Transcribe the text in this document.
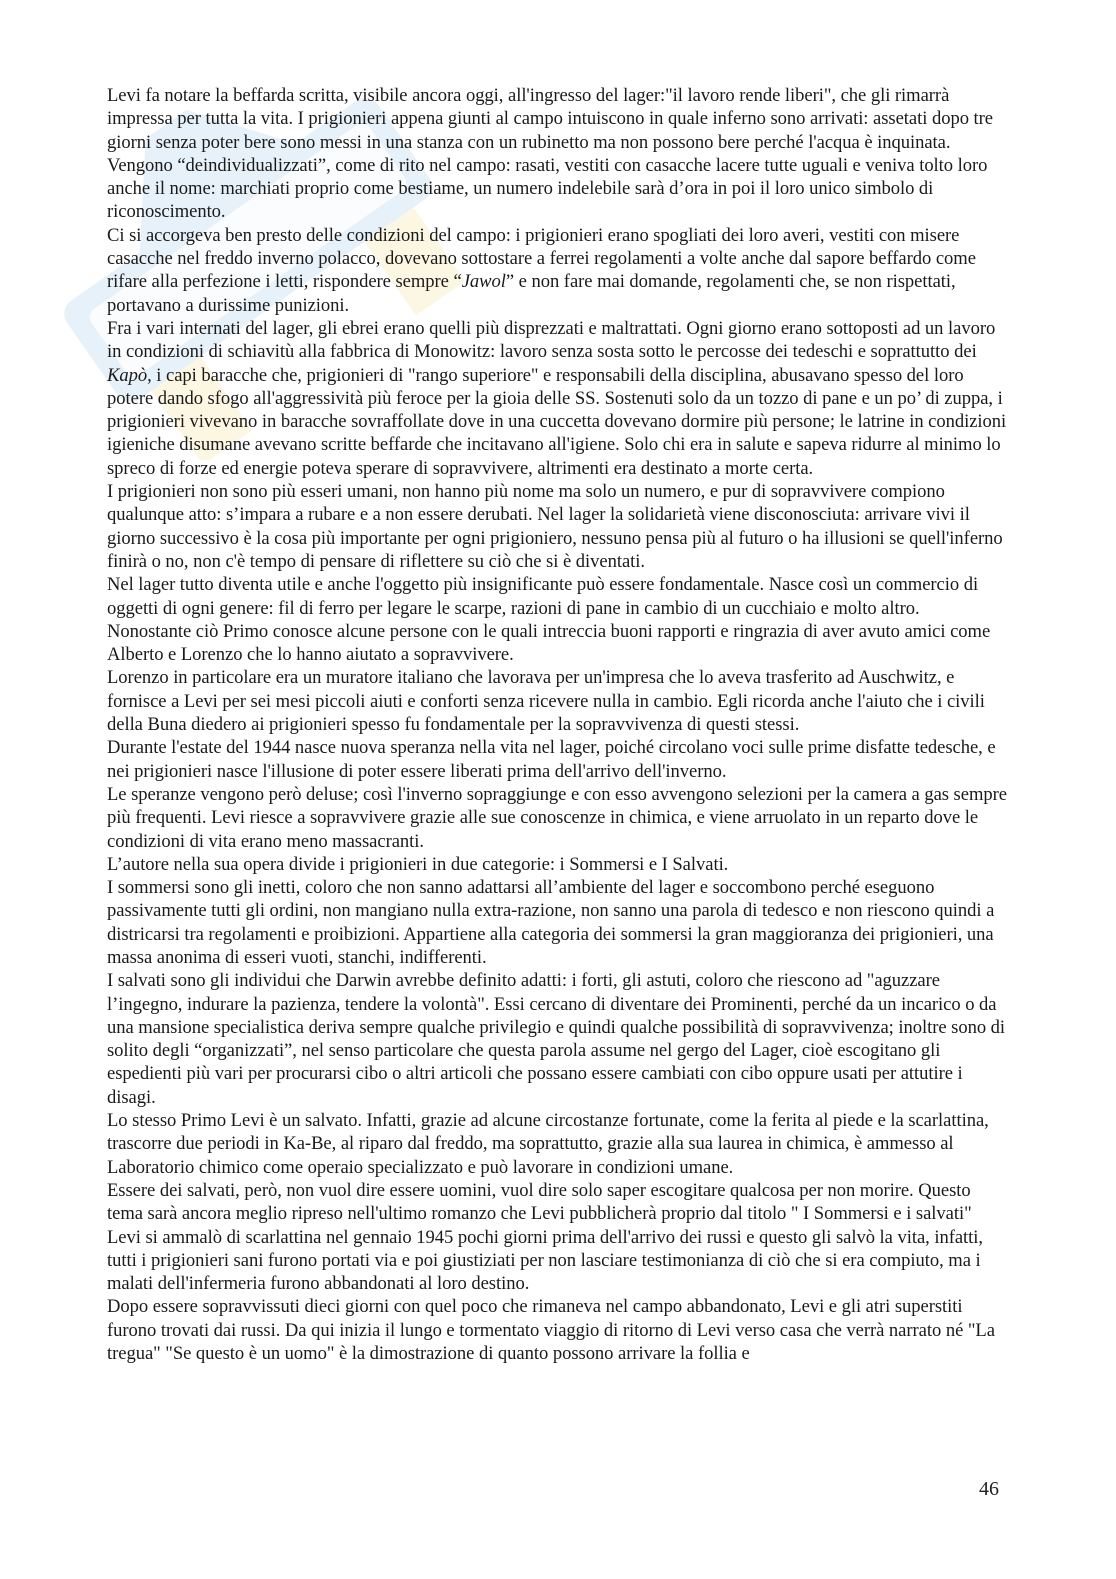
Levi fa notare la beffarda scritta, visibile ancora oggi, all'ingresso del lager:"il lavoro rende liberi", che gli rimarrà impressa per tutta la vita. I prigionieri appena giunti al campo intuiscono in quale inferno sono arrivati: assetati dopo tre giorni senza poter bere sono messi in una stanza con un rubinetto ma non possono bere perché l'acqua è inquinata. Vengono “deindividualizzati”, come di rito nel campo: rasati, vestiti con casacche lacere tutte uguali e veniva tolto loro anche il nome: marchiati proprio come bestiame, un numero indelebile sarà d’ora in poi il loro unico simbolo di riconoscimento.

Ci si accorgeva ben presto delle condizioni del campo: i prigionieri erano spogliati dei loro averi, vestiti con misere casacche nel freddo inverno polacco, dovevano sottostare a ferrei regolamenti a volte anche dal sapore beffardo come rifare alla perfezione i letti, rispondere sempre “Jawol” e non fare mai domande, regolamenti che, se non rispettati, portavano a durissime punizioni.

Fra i vari internati del lager, gli ebrei erano quelli più disprezzati e maltrattati. Ogni giorno erano sottoposti ad un lavoro in condizioni di schiavitù alla fabbrica di Monowitz: lavoro senza sosta sotto le percosse dei tedeschi e soprattutto dei Kapò, i capi baracche che, prigionieri di "rango superiore" e responsabili della disciplina, abusavano spesso del loro potere dando sfogo all'aggressività più feroce per la gioia delle SS. Sostenuti solo da un tozzo di pane e un po’ di zuppa, i prigionieri vivevano in baracche sovraffollate dove in una cuccetta dovevano dormire più persone; le latrine in condizioni igieniche disumane avevano scritte beffarde che incitavano all'igiene. Solo chi era in salute e sapeva ridurre al minimo lo spreco di forze ed energie poteva sperare di sopravvivere, altrimenti era destinato a morte certa.

I prigionieri non sono più esseri umani, non hanno più nome ma solo un numero, e pur di sopravvivere compiono qualunque atto: s’impara a rubare e a non essere derubati. Nel lager la solidarietà viene disconosciuta: arrivare vivi il giorno successivo è la cosa più importante per ogni prigioniero, nessuno pensa più al futuro o ha illusioni se quell'inferno finirà o no, non c'è tempo di pensare di riflettere su ciò che si è diventati.

Nel lager tutto diventa utile e anche l'oggetto più insignificante può essere fondamentale. Nasce così un commercio di oggetti di ogni genere: fil di ferro per legare le scarpe, razioni di pane in cambio di un cucchiaio e molto altro. Nonostante ciò Primo conosce alcune persone con le quali intreccia buoni rapporti e ringrazia di aver avuto amici come Alberto e Lorenzo che lo hanno aiutato a sopravvivere.

Lorenzo in particolare era un muratore italiano che lavorava per un'impresa che lo aveva trasferito ad Auschwitz, e fornisce a Levi per sei mesi piccoli aiuti e conforti senza ricevere nulla in cambio. Egli ricorda anche l'aiuto che i civili della Buna diedero ai prigionieri spesso fu fondamentale per la sopravvivenza di questi stessi.

Durante l'estate del 1944 nasce nuova speranza nella vita nel lager, poiché circolano voci sulle prime disfatte tedesche, e nei prigionieri nasce l'illusione di poter essere liberati prima dell'arrivo dell'inverno.

Le speranze vengono però deluse; così l'inverno sopraggiunge e con esso avvengono selezioni per la camera a gas sempre più frequenti. Levi riesce a sopravvivere grazie alle sue conoscenze in chimica, e viene arruolato in un reparto dove le condizioni di vita erano meno massacranti.

L’autore nella sua opera divide i prigionieri in due categorie: i Sommersi e I Salvati.

I sommersi sono gli inetti, coloro che non sanno adattarsi all’ambiente del lager e soccombono perché eseguono passivamente tutti gli ordini, non mangiano nulla extra-razione, non sanno una parola di tedesco e non riescono quindi a districarsi tra regolamenti e proibizioni. Appartiene alla categoria dei sommersi la gran maggioranza dei prigionieri, una massa anonima di esseri vuoti, stanchi, indifferenti.

I salvati sono gli individui che Darwin avrebbe definito adatti: i forti, gli astuti, coloro che riescono ad "aguzzare l’ingegno, indurare la pazienza, tendere la volontà". Essi cercano di diventare dei Prominenti, perché da un incarico o da una mansione specialistica deriva sempre qualche privilegio e quindi qualche possibilità di sopravvivenza; inoltre sono di solito degli “organizzati”, nel senso particolare che questa parola assume nel gergo del Lager, cioè escogitano gli espedienti più vari per procurarsi cibo o altri articoli che possano essere cambiati con cibo oppure usati per attutire i disagi.

Lo stesso Primo Levi è un salvato. Infatti, grazie ad alcune circostanze fortunate, come la ferita al piede e la scarlattina, trascorre due periodi in Ka-Be, al riparo dal freddo, ma soprattutto, grazie alla sua laurea in chimica, è ammesso al Laboratorio chimico come operaio specializzato e può lavorare in condizioni umane.

Essere dei salvati, però, non vuol dire essere uomini, vuol dire solo saper escogitare qualcosa per non morire. Questo tema sarà ancora meglio ripreso nell'ultimo romanzo che Levi pubblicherà proprio dal titolo " I Sommersi e i salvati" Levi si ammalò di scarlattina nel gennaio 1945 pochi giorni prima dell'arrivo dei russi e questo gli salvò la vita, infatti, tutti i prigionieri sani furono portati via e poi giustiziati per non lasciare testimonianza di ciò che si era compiuto, ma i malati dell'infermeria furono abbandonati al loro destino.

Dopo essere sopravvissuti dieci giorni con quel poco che rimaneva nel campo abbandonato, Levi e gli atri superstiti furono trovati dai russi. Da qui inizia il lungo e tormentato viaggio di ritorno di Levi verso casa che verrà narrato né "La tregua" "Se questo è un uomo" è la dimostrazione di quanto possono arrivare la follia e

46
